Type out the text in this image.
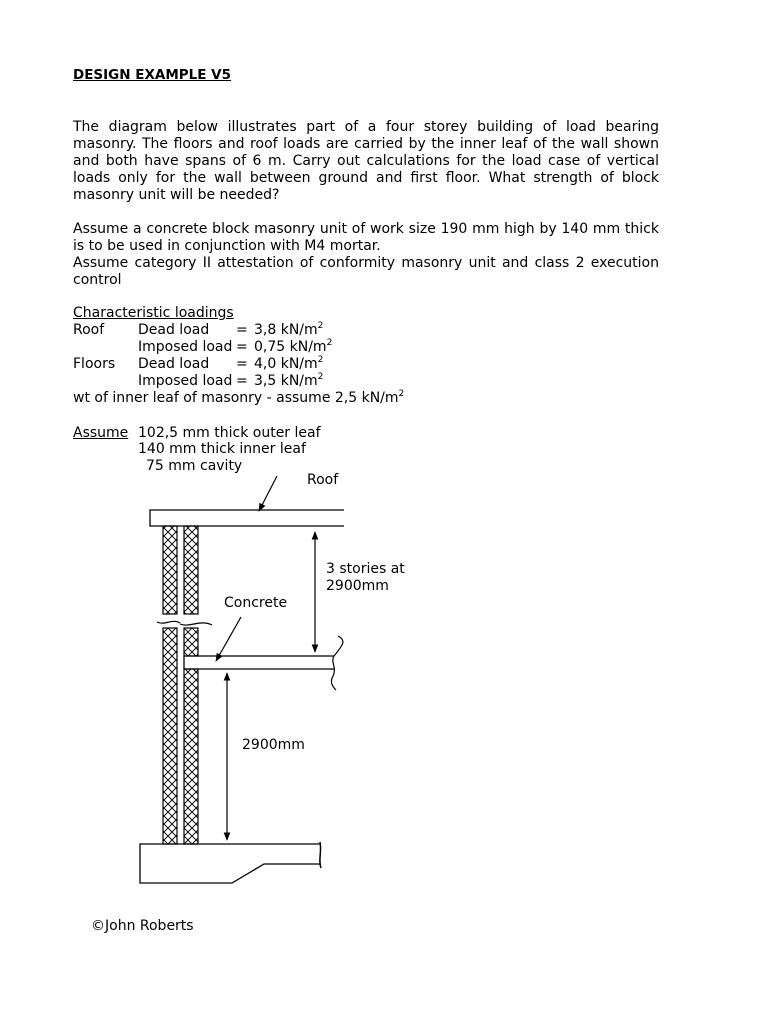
DESIGN EXAMPLE V5
The diagram below illustrates part of a four storey building of load bearing masonry. The floors and roof loads are carried by the inner leaf of the wall shown and both have spans of 6 m. Carry out calculations for the load case of vertical loads only for the wall between ground and first floor. What strength of block masonry unit will be needed?
Assume a concrete block masonry unit of work size 190 mm high by 140 mm thick is to be used in conjunction with M4 mortar.
Assume category II attestation of conformity masonry unit and class 2 execution control
Characteristic loadings
Roof Dead load = 3,8 $kN/m^2$
Imposed load = 0,75 $kN/m^2$
Floors Dead load = 4,0 $kN/m^2$
Imposed load = 3,5 $kN/m^2$
wt of inner leaf of masonry - assume 2,5 $kN/m^2$
Assume 102,5 mm thick outer leaf
140 mm thick inner leaf
75 mm cavity
Roof
3 stories at
2900mm
Concrete
2900mm
©John Roberts
